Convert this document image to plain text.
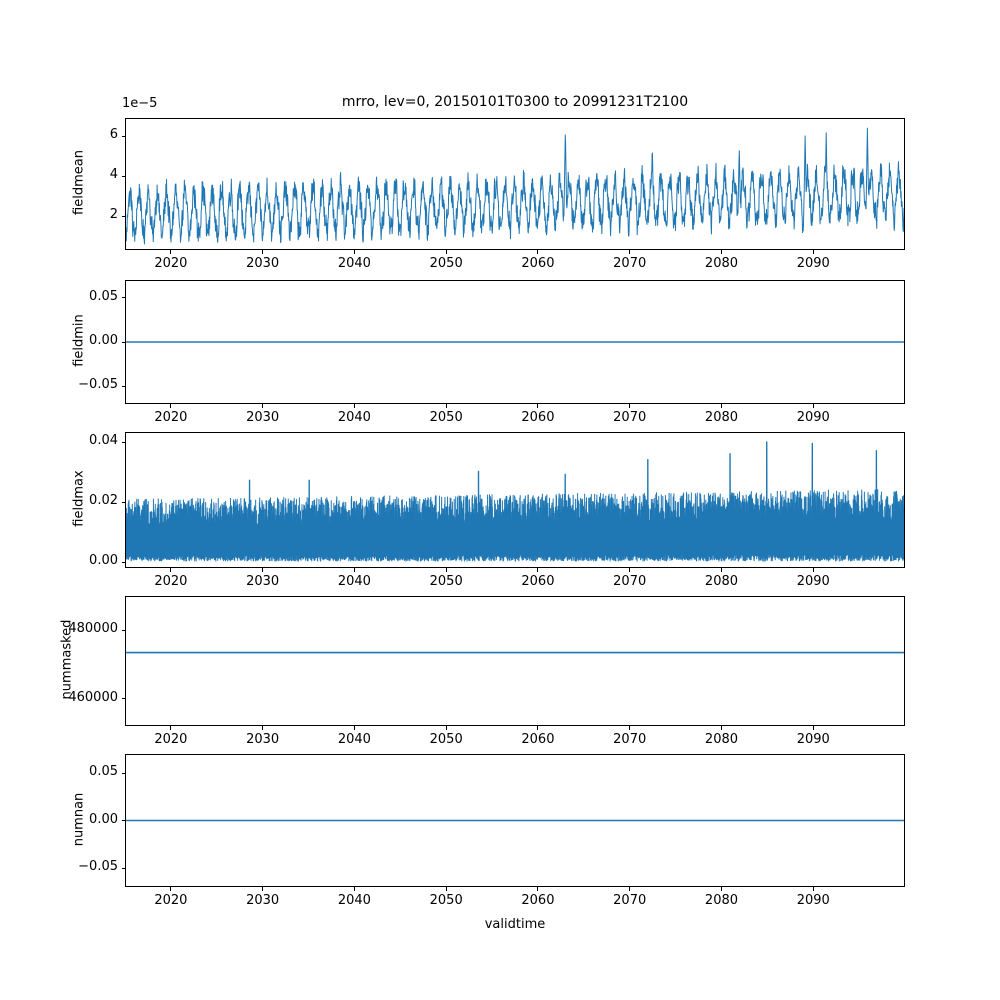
2
4
6
2020	2030	2040	2050	2060	2070	2080	2090
fieldmean
1e−5	mrro, lev=0, 20150101T0300 to 20991231T2100
−0.05
0.00
0.05
2020	2030	2040	2050	2060	2070	2080	2090
fieldmin
0.00
0.02
0.04
2020	2030	2040	2050	2060	2070	2080	2090
fieldmax
460000
480000
2020	2030	2040	2050	2060	2070	2080	2090
nummasked
−0.05
0.00
0.05
2020	2030	2040	2050	2060	2070	2080	2090
numnan
validtime
